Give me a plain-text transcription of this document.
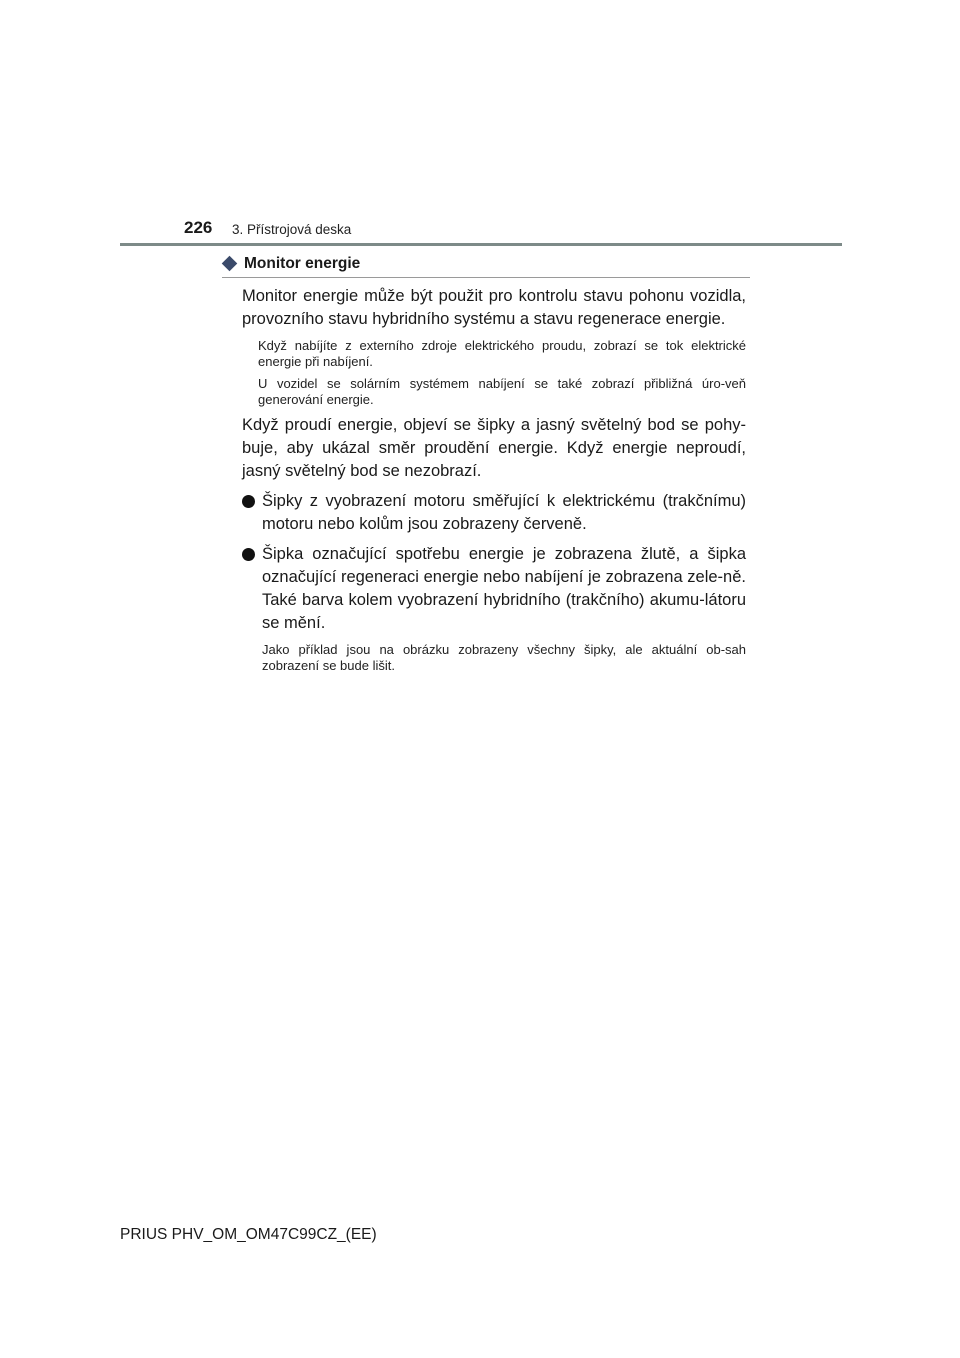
226 3. Přístrojová deska
Monitor energie

Monitor energie může být použit pro kontrolu stavu pohonu vozidla, provozního stavu hybridního systému a stavu regenerace energie.

Když nabíjíte z externího zdroje elektrického proudu, zobrazí se tok elektrické energie při nabíjení.

U vozidel se solárním systémem nabíjení se také zobrazí přibližná úro-veň generování energie.

Když proudí energie, objeví se šipky a jasný světelný bod se pohy-buje, aby ukázal směr proudění energie. Když energie neproudí, jasný světelný bod se nezobrazí.

Šipky z vyobrazení motoru směřující k elektrickému (trakčnímu) motoru nebo kolům jsou zobrazeny červeně.
Šipka označující spotřebu energie je zobrazena žlutě, a šipka označující regeneraci energie nebo nabíjení je zobrazena zele-ně. Také barva kolem vyobrazení hybridního (trakčního) akumu-látoru se mění.

Jako příklad jsou na obrázku zobrazeny všechny šipky, ale aktuální ob-sah zobrazení se bude lišit.

PRIUS PHV_OM_OM47C99CZ_(EE)
